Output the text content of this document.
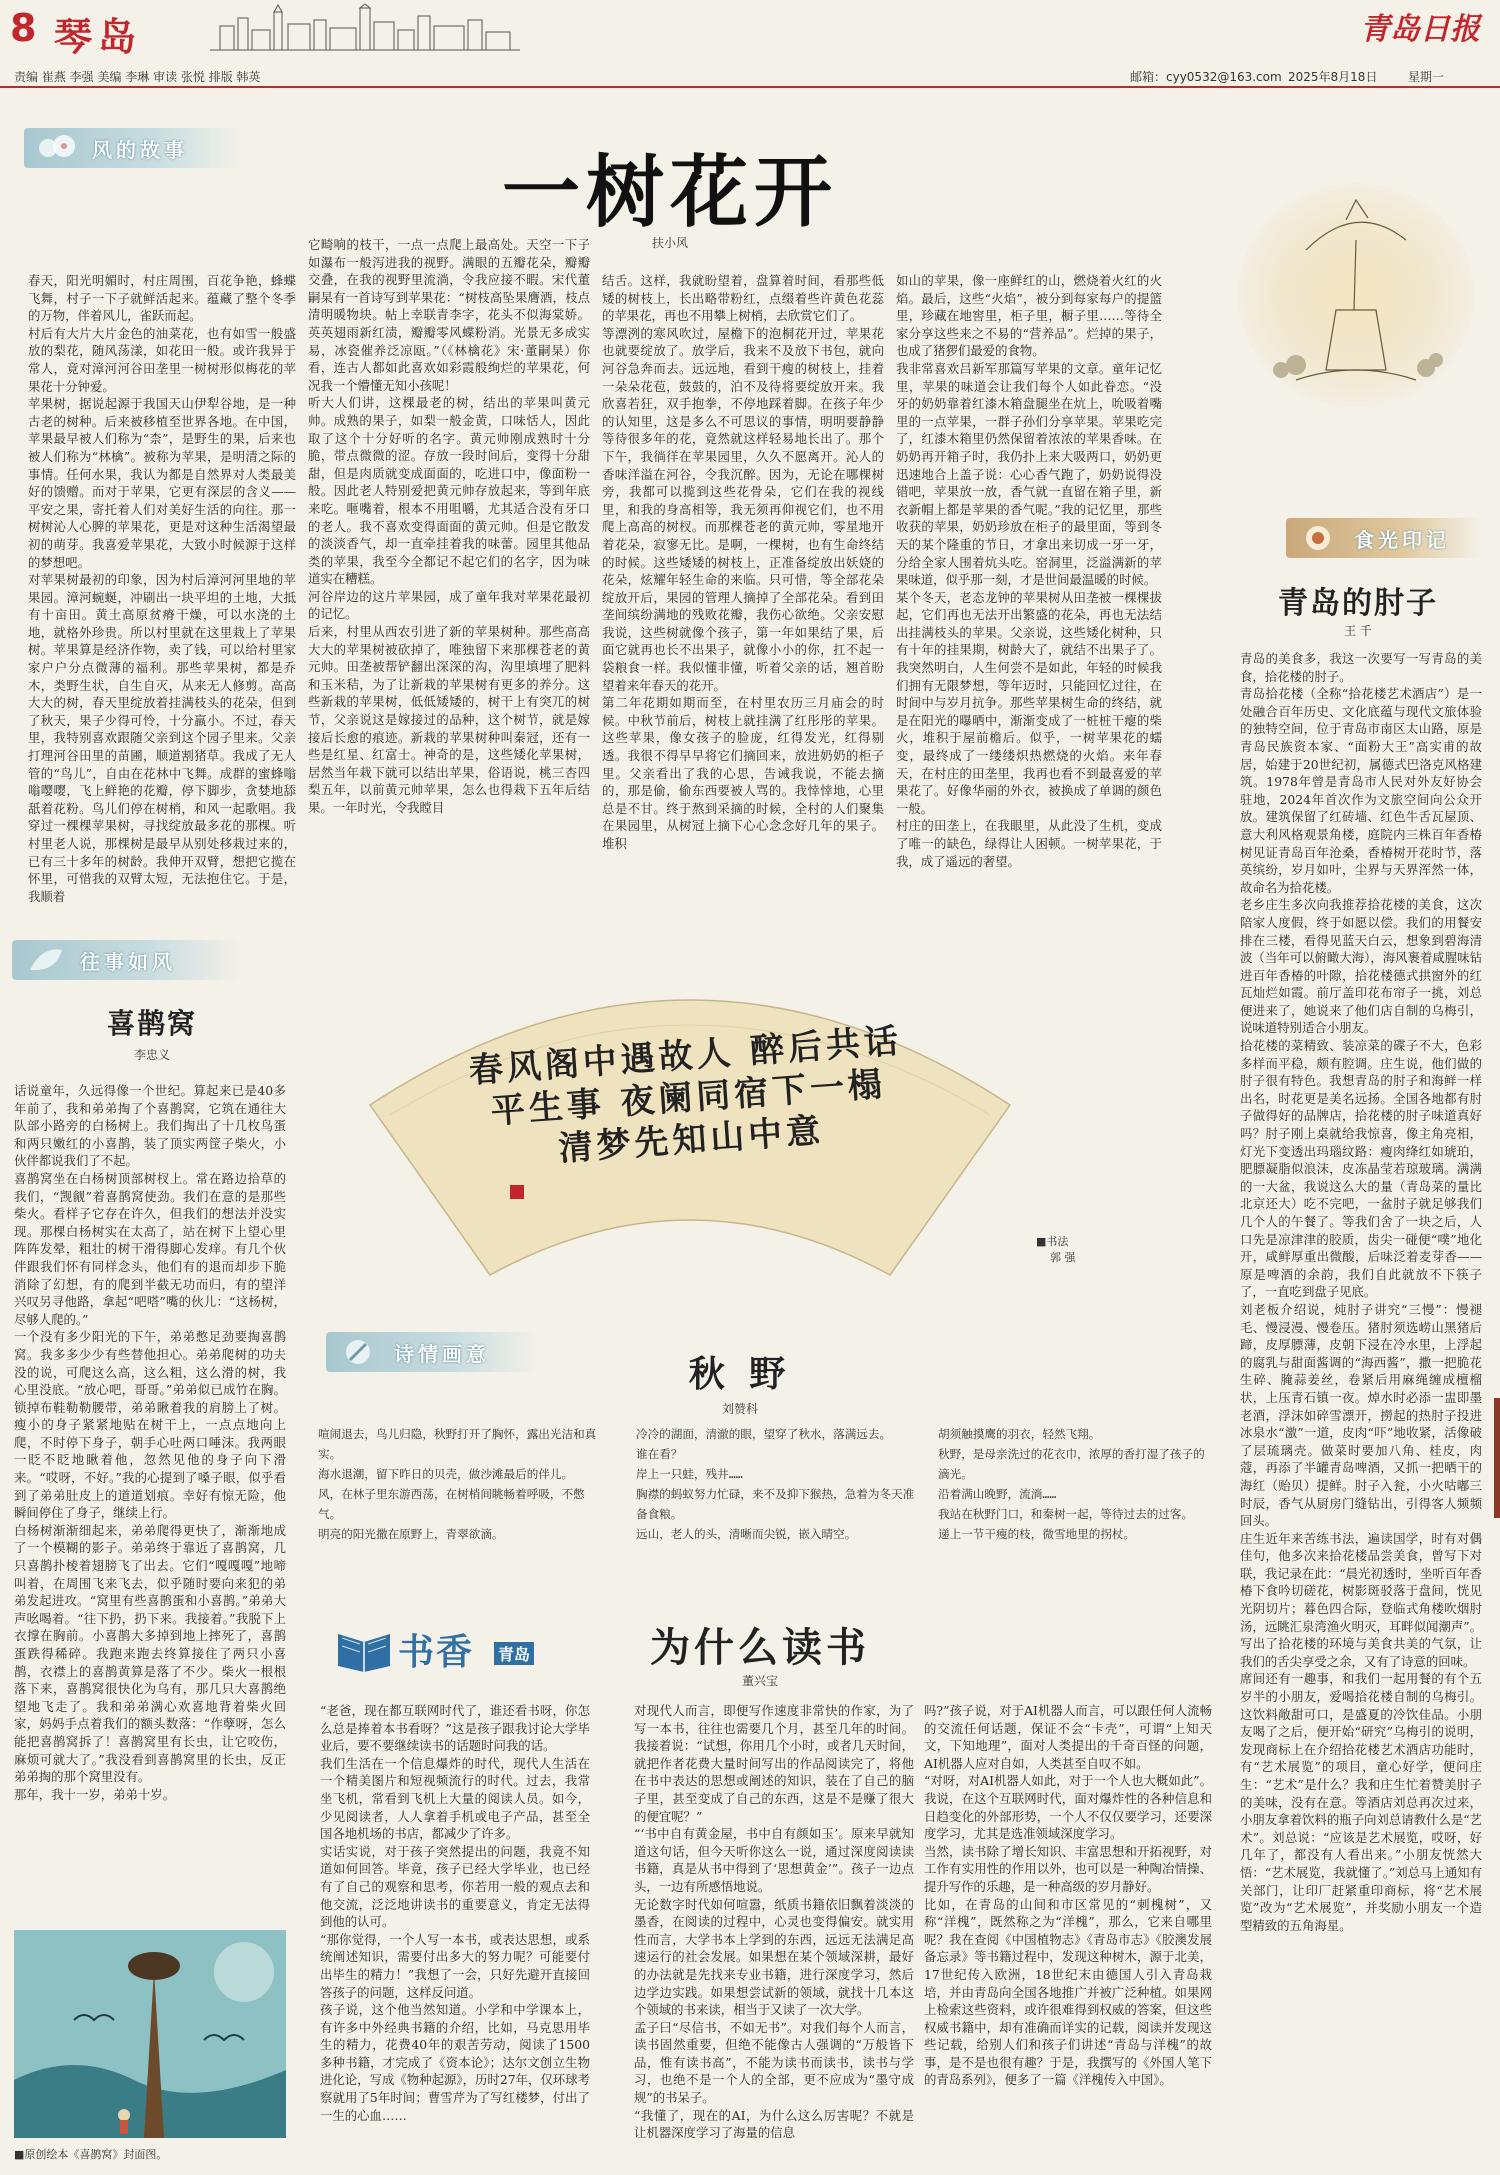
8 琴岛	青岛日报
责编 崔燕 李强 美编 李琳 审读 张悦 排版 韩英	邮箱：cyy0532@163.com 2025年8月18日	星期一
风的故事	一树花开
扶小风
春天，阳光明媚时，村庄周围，百花争艳，蜂蝶飞舞，村子一下子就鲜活起来。蕴藏了整个冬季的万物，伴着风儿，雀跃而起。
村后有大片大片金色的油菜花，也有如雪一般盛放的梨花，随风荡漾，如花田一般。或许我异于常人，竟对漳河河谷田垄里一树树形似梅花的苹果花十分钟爱。
苹果树，据说起源于我国天山伊犁谷地，是一种古老的树种。后来被移植至世界各地。在中国，苹果最早被人们称为“柰”，是野生的果，后来也被人们称为“林檎”。被称为苹果，是明清之际的事情。任何水果，我认为都是自然界对人类最美好的馈赠。而对于苹果，它更有深层的含义——平安之果，寄托着人们对美好生活的向往。那一树树沁人心脾的苹果花，更是对这种生活渴望最初的萌芽。我喜爱苹果花，大致小时候源于这样的梦想吧。
对苹果树最初的印象，因为村后漳河河里地的苹果园。漳河蜿蜒，冲刷出一块平坦的土地，大抵有十亩田。黄土高原贫瘠干燥，可以水浇的土地，就格外珍贵。所以村里就在这里栽上了苹果树。苹果算是经济作物，卖了钱，可以给村里家家户户分点微薄的福利。那些苹果树，都是乔木，类野生状，自生自灭，从来无人修剪。高高大大的树，春天里绽放着挂满枝头的花朵，但到了秋天，果子少得可怜，十分羸小。不过，春天里，我特别喜欢跟随父亲到这个园子里来。父亲打理河谷田里的苗圃，顺道割猪草。我成了无人管的“鸟儿”，自由在花林中飞舞。成群的蜜蜂嗡嗡嘤嘤，飞上鲜艳的花瓣，停下脚步，贪婪地舔舐着花粉。鸟儿们停在树梢，和风一起歌唱。我穿过一棵棵苹果树，寻找绽放最多花的那棵。听村里老人说，那棵树是最早从别处移栽过来的，已有三十多年的树龄。我伸开双臂，想把它揽在怀里，可惜我的双臂太短，无法抱住它。于是，我顺着
它畸响的枝干，一点一点爬上最高处。天空一下子如瀑布一般泻进我的视野。满眼的五瓣花朵，瓣瓣交叠，在我的视野里流淌，令我应接不暇。宋代董嗣杲有一首诗写到苹果花：“树枝高坠果膺酒，枝点清明暖物块。帖上幸联青李字，花头不似海棠娇。英英翅雨新红渍，瓣瓣零风蝶粉消。光景无多成实易，冰瓷催养泛凉瓯。”（《林檎花》宋·董嗣杲）你看，连古人都如此喜欢如彩霞般绚烂的苹果花，何况我一个懵懂无知小孩呢！
听大人们讲，这棵最老的树，结出的苹果叫黄元帅。成熟的果子，如梨一般金黄，口味恬人，因此取了这个十分好听的名字。黄元帅刚成熟时十分脆，带点微微的涩。存放一段时间后，变得十分甜甜，但是肉质就变成面面的，吃进口中，像面粉一般。因此老人特别爱把黄元帅存放起来，等到年底来吃。咂嘴着，根本不用咀嚼，尤其适合没有牙口的老人。我不喜欢变得面面的黄元帅。但是它散发的淡淡香气，却一直牵挂着我的味蕾。园里其他品类的苹果，我至今全都记不起它们的名字，因为味道实在糟糕。
河谷岸边的这片苹果园，成了童年我对苹果花最初的记忆。
后来，村里从西农引进了新的苹果树种。那些高高大大的苹果树被砍掉了，唯独留下来那棵苍老的黄元帅。田垄被帮铲翻出深深的沟，沟里填埋了肥料和玉米秸，为了让新栽的苹果树有更多的养分。这些新栽的苹果树，低低矮矮的，树干上有突兀的树节，父亲说这是嫁接过的品种，这个树节，就是嫁接后长愈的痕迹。新栽的苹果树种叫秦冠，还有一些是红星、红富士。神奇的是，这些矮化苹果树，居然当年栽下就可以结出苹果，俗语说，桃三杏四梨五年，以前黄元帅苹果，怎么也得栽下五年后结果。一年时光，令我瞠目
结舌。这样，我就盼望着，盘算着时间，看那些低矮的树枝上，长出略带粉红，点缀着些许黄色花蕊的苹果花，再也不用攀上树梢，去欣赏它们了。
等漂洌的寒风吹过，屋檐下的泡桐花开过，苹果花也就要绽放了。放学后，我来不及放下书包，就向河谷急奔而去。远远地，看到干瘦的树枝上，挂着一朵朵花苞，鼓鼓的，泊不及待将要绽放开来。我欣喜若狂，双手抱拳，不停地踩着脚。在孩子年少的认知里，这是多么不可思议的事情，明明要静静等待很多年的花，竟然就这样轻易地长出了。那个下午，我徜徉在苹果园里，久久不愿离开。沁人的香味洋溢在河谷，令我沉醉。因为，无论在哪棵树旁，我都可以揽到这些花骨朵，它们在我的视线里，和我的身高相等，我无须再仰视它们，也不用爬上高高的树杈。而那棵苍老的黄元帅，零星地开着花朵，寂寥无比。是啊，一棵树，也有生命终结的时候。这些矮矮的树枝上，正准备绽放出妖娆的花朵，炫耀年轻生命的来临。只可惜，等全部花朵绽放开后，果园的管理人摘掉了全部花朵。看到田垄间缤纷满地的残败花瓣，我伤心欲绝。父亲安慰我说，这些树就像个孩子，第一年如果结了果，后面它就再也长不出果子，就像小小的你，扛不起一袋粮食一样。我似懂非懂，听着父亲的话，翘首盼望着来年春天的花开。
第二年花期如期而至，在村里农历三月庙会的时候。中秋节前后，树枝上就挂满了红彤彤的苹果。这些苹果，像女孩子的脸庞，红得发光，红得剔透。我很不得早早将它们摘回来，放进奶奶的柜子里。父亲看出了我的心思，告诫我说，不能去摘的，那是偷，偷东西要被人骂的。我悻悻地，心里总是不甘。终于熬到采摘的时候，全村的人们聚集在果园里，从树冠上摘下心心念念好几年的果子。堆积
如山的苹果，像一座鲜红的山，燃烧着火红的火焰。最后，这些“火焰”，被分到每家每户的提篮里，珍藏在地窖里，柜子里，橱子里……等待全家分享这些来之不易的“营养品”。烂掉的果子，也成了猪猡们最爱的食物。
我非常喜欢吕新军那篇写苹果的文章。童年记忆里，苹果的味道会让我们每个人如此眷恋。“没牙的奶奶靠着红漆木箱盘腿坐在炕上，吮吸着嘴里的一点苹果，一群子孙们分享苹果。苹果吃完了，红漆木箱里仍然保留着浓浓的苹果香味。在奶奶再开箱子时，我仍扑上来大吸两口，奶奶更迅速地合上盖子说：心心香气跑了，奶奶说得没错吧，苹果放一放，香气就一直留在箱子里，新衣新帽上都是苹果的香气呢。”我的记忆里，那些收获的苹果，奶奶珍放在柜子的最里面，等到冬天的某个隆重的节日，才拿出来切成一牙一牙，分给全家人围着炕头吃。窑洞里，泛溢满新的苹果味道，似乎那一刻，才是世间最温暖的时候。
某个冬天，老态龙钟的苹果树从田垄被一棵棵拔起，它们再也无法开出繁盛的花朵，再也无法结出挂满枝头的苹果。父亲说，这些矮化树种，只有十年的挂果期，树龄大了，就结不出果子了。我突然明白，人生何尝不是如此，年轻的时候我们拥有无限梦想，等年迈时，只能回忆过往，在时间中与岁月抗争。那些苹果树生命的终结，就是在阳光的曝晒中，渐渐变成了一桩桩干瘪的柴火，堆积于屋前檐后。似乎，一树苹果花的蠕变，最终成了一缕缕炽热燃烧的火焰。来年春天，在村庄的田垄里，我再也看不到最喜爱的苹果花了。好像华丽的外衣，被换成了单调的颜色一般。
村庄的田垄上，在我眼里，从此没了生机，变成了唯一的缺色，绿得让人困顿。一树苹果花，于我，成了遥远的奢望。
食光印记
青岛的肘子
王 千
青岛的美食多，我这一次要写一写青岛的美食，拾花楼的肘子。
青岛拾花楼（全称“拾花楼艺术酒店”）是一处融合百年历史、文化底蕴与现代文旅体验的独特空间，位于青岛市南区太山路，原是青岛民族资本家、“面粉大王”高实甫的故居，始建于20世纪初，属德式巴洛克风格建筑。1978年曾是青岛市人民对外友好协会驻地，2024年首次作为文旅空间向公众开放。建筑保留了红砖墙、红色牛舌瓦屋顶、意大利风格观景角楼，庭院内三株百年香椿树见证青岛百年沧桑，香椿树开花时节，落英缤纷，岁月如叶，尘界与天界浑然一体，故命名为拾花楼。
老乡庄生多次向我推荐拾花楼的美食，这次陪家人度假，终于如愿以偿。我们的用餐安排在三楼，看得见蓝天白云，想象到碧海清波（当年可以俯瞰大海），海风裹着咸腥味钻进百年香椿的叶隙，拾花楼德式拱窗外的红瓦灿烂如霞。前厅盖印花布帘子一挑，刘总便进来了，她说来了他们店自制的乌梅引，说味道特别适合小朋友。
拾花楼的菜精致、装凉菜的碟子不大，色彩多样而平稳，颇有腔调。庄生说，他们做的肘子很有特色。我想青岛的肘子和海鲜一样出名，时花更是美名远扬。全国各地都有肘子做得好的品牌店，拾花楼的肘子味道真好吗？肘子刚上桌就给我惊喜，像主角亮相，灯光下变透出玛瑙纹路：瘦肉绛红如琥珀，肥膘凝脂似浪沫，皮冻晶莹若琼玻璃。满满的一大盆，我说这么大的量（青岛菜的量比北京还大）吃不完吧，一盆肘子就足够我们几个人的午餐了。等我们舍了一块之后，人口先是凉津津的胶质，齿尖一碰便“噗”地化开，咸鲜厚重出微酸，后味泛着麦芽香——原是啤酒的余韵，我们自此就放不下筷子了，一直吃到盘子见底。
刘老板介绍说，炖肘子讲究“三慢”：慢褪毛、慢浸漫、慢卷压。猪肘须选崂山黑猪后蹄，皮厚膘薄，皮朝下浸在冷水里，上浮起的腐乳与甜面酱调的“海西酱”，撒一把脆花生碎、腌蒜姜丝，卷紧后用麻绳缠成檀榴状，上压青石镇一夜。焯水时必添一盅即墨老酒，浮沫如碎雪漂开，撈起的热肘子投进冰泉水“激”一道，皮肉“吓”地收紧，活像破了层琉璃壳。做菜时要加八角、桂皮，肉蔻，再添了半罐青岛啤酒，又抓一把晒干的海红（贻贝）提鲜。肘子入瓮，小火咕嘟三时辰，香气从厨房门缝钻出，引得客人频频回头。
庄生近年来苦练书法，遍读国学，时有对偶佳句，他多次来拾花楼品尝美食，曾写下对联，我记录在此：“晨光初透时，坐听百年香椿下食吟切磋花，树影斑驳落于盘间，恍见光阴切片；暮色四合际，登临式角楼吹烟肘汤，远眺汇泉湾渔火明灭，耳畔似闻潮声”。写出了拾花楼的环境与美食共美的气氛，让我们的舌尖享受之余，又有了诗意的回味。
席间还有一趣事，和我们一起用餐的有个五岁半的小朋友，爱喝拾花楼自制的乌梅引。这饮料敞甜可口，是盛夏的冷饮佳品。小朋友喝了之后，便开始“研究”乌梅引的说明，发现商标上在介绍拾花楼艺术酒店功能时，有“艺术展览”的项目，童心好学，便问庄生：“艺术”是什么？我和庄生忙着赞美肘子的美味，没有在意。等酒店刘总再次过来，小朋友拿着饮料的瓶子向刘总请教什么是“艺术”。刘总说：“应该是艺术展览，哎呀，好几年了，都没有人看出来。”小朋友恍然大悟：“艺术展览，我就懂了。”刘总马上通知有关部门，让印厂赶紧重印商标，将“艺术展览”改为“艺术展览”，并奖励小朋友一个造型精致的五角海星。
往事如风
喜鹊窝
李忠义
话说童年，久远得像一个世纪。算起来已是40多年前了，我和弟弟掏了个喜鹊窝，它筑在通往大队部小路旁的白杨树上。我们掏出了十几枚鸟蛋和两只嫩红的小喜鹊，装了顶实两筐子柴火，小伙伴都说我们了不起。
喜鹊窝坐在白杨树顶部树杈上。常在路边拾草的我们，“觊觎”着喜鹊窝使劲。我们在意的是那些柴火。看样子它存在许久，但我们的想法并没实现。那棵白杨树实在太高了，站在树下上望心里阵阵发晕，粗壮的树干滑得脚心发痒。有几个伙伴跟我们怀有同样念头，他们有的退而却步下脆消除了幻想，有的爬到半截无功而归，有的望洋兴叹另寻他路，拿起“吧嗒”嘴的伙儿：“这杨树，尽够人爬的。”
一个没有多少阳光的下午，弟弟憋足劲要掏喜鹊窝。我多多少少有些替他担心。弟弟爬树的功夫没的说，可爬这么高，这么粗，这么滑的树，我心里没底。“放心吧，哥哥。”弟弟似已成竹在胸。锁掉布鞋勒勒腰带，弟弟瞅着我的肩膀上了树。瘦小的身子紧紧地贴在树干上，一点点地向上爬，不时停下身子，朝手心吐两口唾沫。我两眼一眨不眨地瞅着他，忽然见他的身子向下滑来。“哎呀，不好。”我的心提到了嗓子眼，似乎看到了弟弟肚皮上的道道划痕。幸好有惊无险，他瞬间停住了身子，继续上行。
白杨树渐渐细起来，弟弟爬得更快了，渐渐地成了一个模糊的影子。弟弟终于靠近了喜鹊窝，几只喜鹊扑棱着翅膀飞了出去。它们“嘎嘎嘎”地啼叫着，在周围飞来飞去，似乎随时要向来犯的弟弟发起进攻。“窝里有些喜鹊蛋和小喜鹊。”弟弟大声吆喝着。“往下扔，扔下来。我接着。”我脱下上衣撑在胸前。小喜鹊大多掉到地上摔死了，喜鹊蛋跌得稀碎。我跑来跑去终算接住了两只小喜鹊，衣襟上的喜鹊黄算是落了不少。柴火一根根落下来，喜鹊窝很快化为乌有，那几只大喜鹊绝望地飞走了。我和弟弟满心欢喜地背着柴火回家，妈妈手点着我们的额头数落：“作孽呀，怎么能把喜鹊窝拆了！喜鹊窝里有长虫，让它咬伤，麻烦可就大了。”我没看到喜鹊窝里的长虫，反正弟弟掏的那个窝里没有。
那年，我十一岁，弟弟十岁。
■原创绘本《喜鹊窝》封面图。
春风阁中遇故人 醉后共话平生事 夜阑同宿下一榻 清梦先知山中意
■书法
郭 强
诗情画意	秋 野
刘赞科
喧闹退去，鸟儿归隐，秋野打开了胸怀，露出光洁和真实。
海水退潮，留下昨日的贝壳，做沙滩最后的伴儿。
风，在林子里东游西荡，在树梢间眺畅着呼吸，不憋气。
明亮的阳光撒在原野上，青翠欲滴。
冷冷的湖面，清澈的眼，望穿了秋水，落满远去。
谁在看？
岸上一只蛙，残井……
胸襟的蚂蚁努力忙碌，来不及抑下猴热，急着为冬天准备食粮。
远山，老人的头，清晰而尖锐，嵌入晴空。
胡须触摸鹰的羽衣，轻然飞翔。
秋野，是母亲洗过的花衣巾，浓厚的香打湿了孩子的滴光。
沿着满山晚野，流淌……
我站在秋野门口，和秦树一起，等待过去的过客。
递上一节干瘦的枝，微雪地里的拐杖。
书香 青岛	为什么读书
董兴宝
“老爸，现在都互联网时代了，谁还看书呀，你怎么总是捧着本书看呀？”这是孩子跟我讨论大学毕业后，要不要继续读书的话题时问我的话。
我们生活在一个信息爆炸的时代，现代人生活在一个精美图片和短视频流行的时代。过去，我常坐飞机，常看到飞机上大量的阅读人员。如今，少见阅读者，人人拿着手机或电子产品，甚至全国各地机场的书店，都减少了许多。
实话实说，对于孩子突然提出的问题，我竟不知道如何回答。毕竟，孩子已经大学毕业，也已经有了自己的观察和思考，你若用一般的观点去和他交流，泛泛地讲读书的重要意义，肯定无法得到他的认可。
“那你觉得，一个人写一本书，或表达思想，或系统阐述知识，需要付出多大的努力呢？可能要付出毕生的精力！”我想了一会，只好先避开直接回答孩子的问题，这样反问道。
孩子说，这个他当然知道。小学和中学课本上，有许多中外经典书籍的介绍，比如，马克思用毕生的精力，花费40年的艰苦劳动，阅读了1500多种书籍，才完成了《资本论》；达尔文创立生物进化论，写成《物种起源》，历时27年，仅环球考察就用了5年时间；曹雪芹为了写红楼梦，付出了一生的心血……
对现代人而言，即便写作速度非常快的作家，为了写一本书，往往也需要几个月，甚至几年的时间。我接着说：“试想，你用几个小时，或者几天时间，就把作者花费大量时间写出的作品阅读完了，将他在书中表达的思想或阐述的知识，装在了自己的脑子里，甚至变成了自己的东西，这是不是赚了很大的便宜呢？”
“‘书中自有黄金屋，书中自有颜如玉’。原来早就知道这句话，但今天听你这么一说，通过深度阅读读书籍，真是从书中得到了‘思想黄金’”。孩子一边点头，一边有所感悟地说。
无论数字时代如何喧嚣，纸质书籍依旧飘着淡淡的墨香，在阅读的过程中，心灵也变得偏安。就实用性而言，大学书本上学到的东西，远远无法满足高速运行的社会发展。如果想在某个领域深耕，最好的办法就是先找来专业书籍，进行深度学习，然后边学边实践。如果想尝试新的领域，就找十几本这个领域的书来读，相当于又读了一次大学。
孟子曰“尽信书，不如无书”。对我们每个人而言，读书固然重要，但绝不能像古人强调的“万般皆下品，惟有读书高”，不能为读书而读书，读书与学习，也绝不是一个人的全部，更不应成为“墨守成规”的书呆子。
“我懂了，现在的AI，为什么这么厉害呢？不就是让机器深度学习了海量的信息
吗?”孩子说，对于AI机器人而言，可以跟任何人流畅的交流任何话题，保证不会“卡壳”，可谓“上知天文，下知地理”，面对人类提出的千奇百怪的问题，AI机器人应对自如，人类甚至自叹不如。
“对呀，对AI机器人如此，对于一个人也大概如此”。我说，在这个互联网时代，面对爆炸性的各种信息和日趋变化的外部形势，一个人不仅仅要学习，还要深度学习，尤其是选准领域深度学习。
当然，读书除了增长知识、丰富思想和开拓视野，对工作有实用性的作用以外，也可以是一种陶冶情操、提升写作的乐趣，是一种高级的岁月静好。
比如，在青岛的山间和市区常见的“刺槐树”，又称“洋槐”，既然称之为“洋槐”，那么，它来自哪里呢？我在查阅《中国植物志》《青岛市志》《胶澳发展备忘录》等书籍过程中，发现这种树木，源于北美，17世纪传入欧洲，18世纪末由德国人引入青岛栽培，并由青岛向全国各地推广并被广泛种植。如果网上检索这些资料，或许很难得到权威的答案，但这些权威书籍中，却有准确而详实的记载，阅读并发现这些记载，给别人们和孩子们讲述“青岛与洋槐”的故事，是不是也很有趣？于是，我撰写的《外国人笔下的青岛系列》，便多了一篇《洋槐传入中国》。
